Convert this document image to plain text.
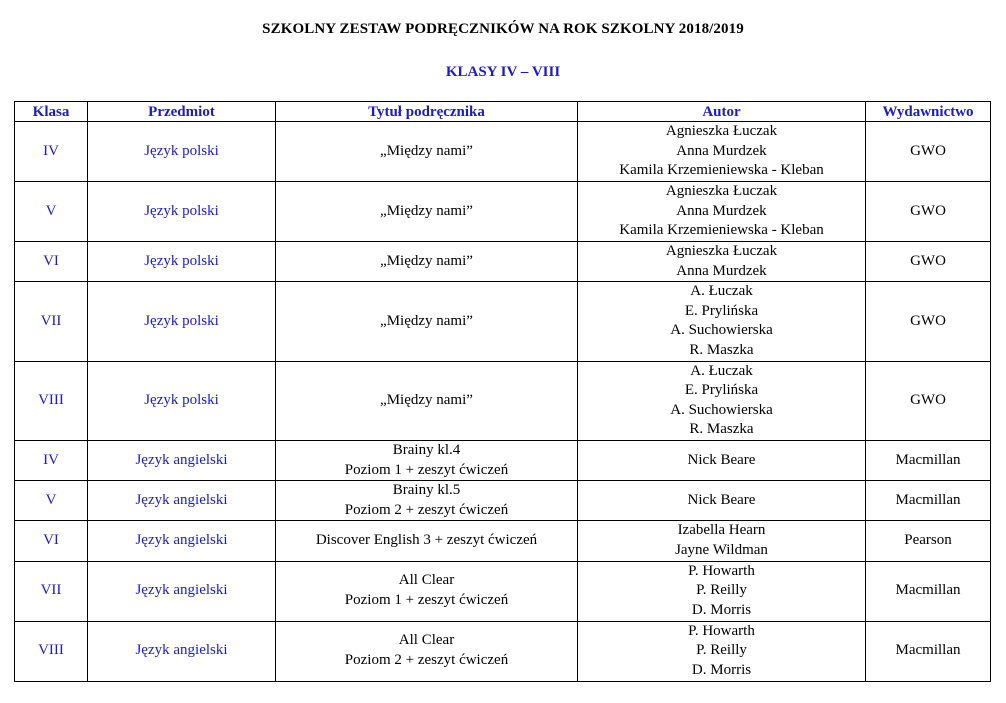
SZKOLNY ZESTAW PODRĘCZNIKÓW NA ROK SZKOLNY 2018/2019
KLASY IV – VIII
Klasa	Przedmiot	Tytuł podręcznika	Autor	Wydawnictwo
IV	Język polski	„Między nami”	Agnieszka Łuczak
Anna Murdzek
Kamila Krzemieniewska - Kleban	GWO
V	Język polski	„Między nami”	Agnieszka Łuczak
Anna Murdzek
Kamila Krzemieniewska - Kleban	GWO
VI	Język polski	„Między nami”	Agnieszka Łuczak
Anna Murdzek	GWO
VII	Język polski	„Między nami”	A. Łuczak
E. Prylińska
A. Suchowierska
R. Maszka	GWO
VIII	Język polski	„Między nami”	A. Łuczak
E. Prylińska
A. Suchowierska
R. Maszka	GWO
IV	Język angielski	Brainy kl.4
Poziom 1 + zeszyt ćwiczeń	Nick Beare	Macmillan
V	Język angielski	Brainy kl.5
Poziom 2 + zeszyt ćwiczeń	Nick Beare	Macmillan
VI	Język angielski	Discover English 3 + zeszyt ćwiczeń	Izabella Hearn
Jayne Wildman	Pearson
VII	Język angielski	All Clear
Poziom 1 + zeszyt ćwiczeń	P. Howarth
P. Reilly
D. Morris	Macmillan
VIII	Język angielski	All Clear
Poziom 2 + zeszyt ćwiczeń	P. Howarth
P. Reilly
D. Morris	Macmillan
